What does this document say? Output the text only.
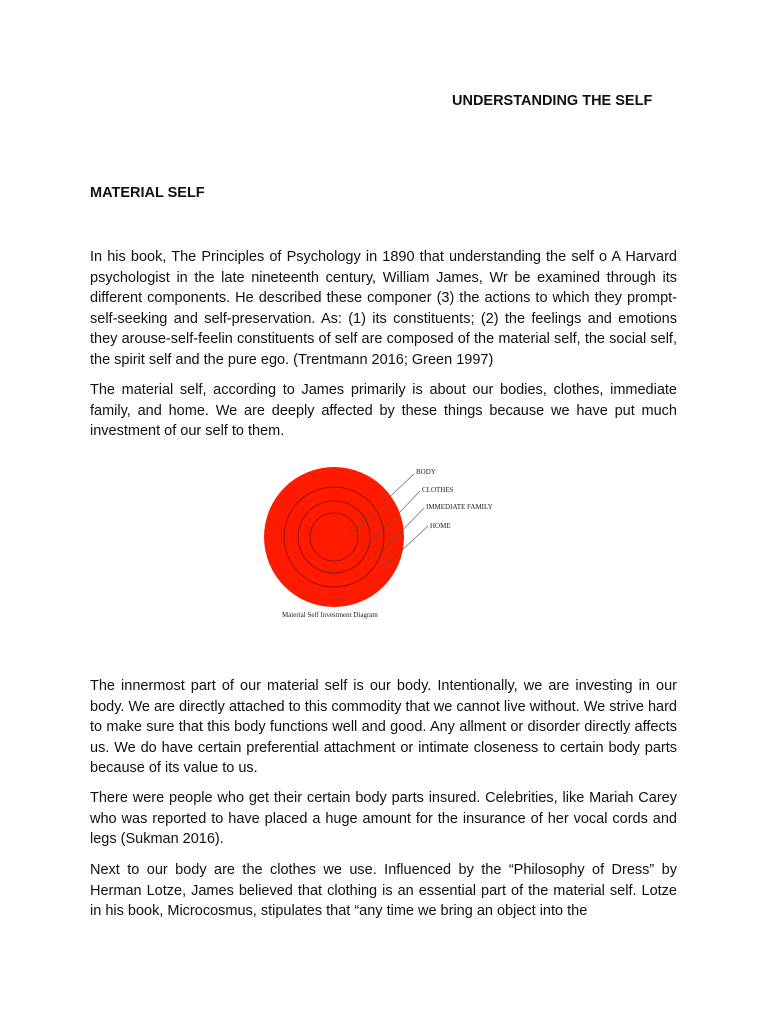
UNDERSTANDING THE SELF
MATERIAL SELF

In his book, The Principles of Psychology in 1890 that understanding the self o A Harvard psychologist in the late nineteenth century, William James, Wr be examined through its different components. He described these componer (3) the actions to which they prompt-self-seeking and self-preservation. As: (1) its constituents; (2) the feelings and emotions they arouse-self-feelin constituents of self are composed of the material self, the social self, the spirit self and the pure ego. (Trentmann 2016; Green 1997)

The material self, according to James primarily is about our bodies, clothes, immediate family, and home. We are deeply affected by these things because we have put much investment of our self to them.

BODY
CLOTHES
IMMEDIATE FAMILY
HOME
Material Self Investment Diagram

The innermost part of our material self is our body. Intentionally, we are investing in our body. We are directly attached to this commodity that we cannot live without. We strive hard to make sure that this body functions well and good. Any allment or disorder directly affects us. We do have certain preferential attachment or intimate closeness to certain body parts because of its value to us.

There were people who get their certain body parts insured. Celebrities, like Mariah Carey who was reported to have placed a huge amount for the insurance of her vocal cords and legs (Sukman 2016).

Next to our body are the clothes we use. Influenced by the “Philosophy of Dress” by Herman Lotze, James believed that clothing is an essential part of the material self. Lotze in his book, Microcosmus, stipulates that “any time we bring an object into the
